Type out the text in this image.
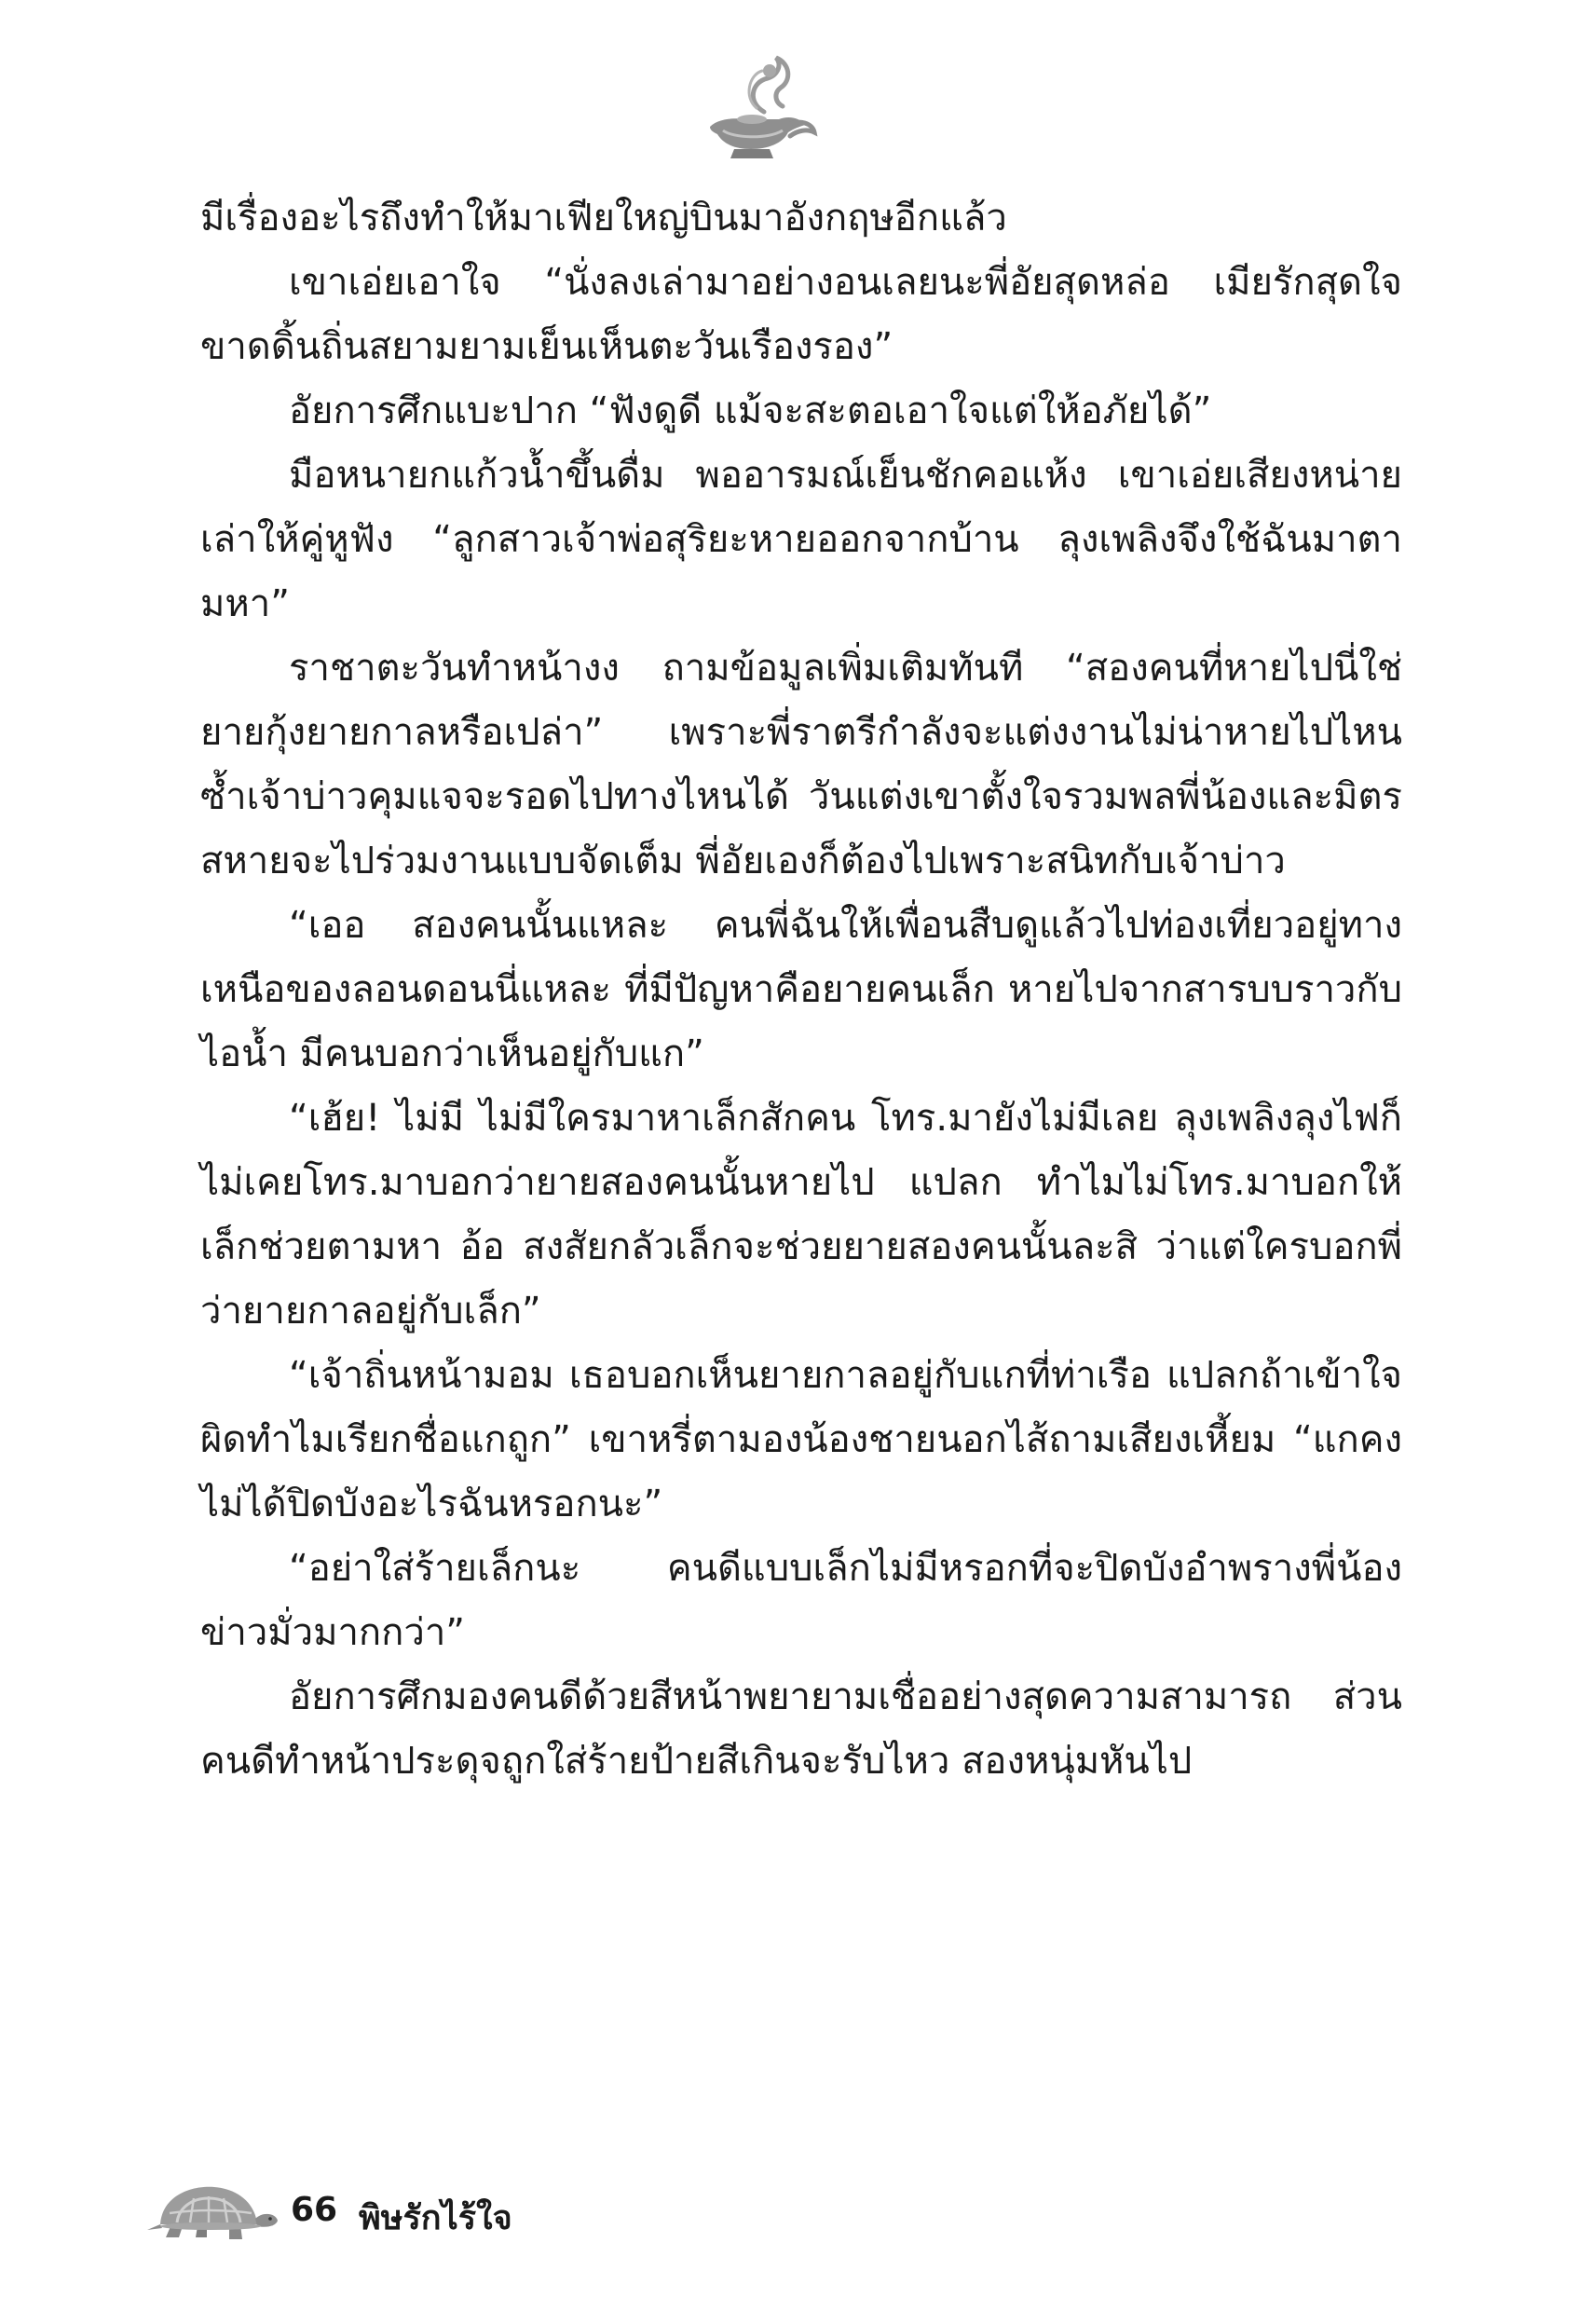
มีเรื่องอะไรถึงทำให้มาเฟียใหญ่บินมาอังกฤษอีกแล้ว

เขาเอ่ยเอาใจ “นั่งลงเล่ามาอย่างอนเลยนะพี่อัยสุดหล่อ เมียรักสุดใจขาดดิ้นถิ่นสยามยามเย็นเห็นตะวันเรืองรอง”

อัยการศึกแบะปาก “ฟังดูดี แม้จะสะตอเอาใจแต่ให้อภัยได้”

มือหนายกแก้วน้ำขึ้นดื่ม พออารมณ์เย็นชักคอแห้ง เขาเอ่ยเสียงหน่ายเล่าให้คู่หูฟัง “ลูกสาวเจ้าพ่อสุริยะหายออกจากบ้าน ลุงเพลิงจึงใช้ฉันมาตามหา”

ราชาตะวันทำหน้างง ถามข้อมูลเพิ่มเติมทันที “สองคนที่หายไปนี่ใช่ยายกุ้งยายกาลหรือเปล่า” เพราะพี่ราตรีกำลังจะแต่งงานไม่น่าหายไปไหน ซ้ำเจ้าบ่าวคุมแจจะรอดไปทางไหนได้ วันแต่งเขาตั้งใจรวมพลพี่น้องและมิตรสหายจะไปร่วมงานแบบจัดเต็ม พี่อัยเองก็ต้องไปเพราะสนิทกับเจ้าบ่าว

“เออ สองคนนั้นแหละ คนพี่ฉันให้เพื่อนสืบดูแล้วไปท่องเที่ยวอยู่ทางเหนือของลอนดอนนี่แหละ ที่มีปัญหาคือยายคนเล็ก หายไปจากสารบบราวกับไอน้ำ มีคนบอกว่าเห็นอยู่กับแก”

“เฮ้ย! ไม่มี ไม่มีใครมาหาเล็กสักคน โทร.มายังไม่มีเลย ลุงเพลิงลุงไฟก็ไม่เคยโทร.มาบอกว่ายายสองคนนั้นหายไป แปลก ทำไมไม่โทร.มาบอกให้เล็กช่วยตามหา อ้อ สงสัยกลัวเล็กจะช่วยยายสองคนนั้นละสิ ว่าแต่ใครบอกพี่ว่ายายกาลอยู่กับเล็ก”

“เจ้าถิ่นหน้ามอม เธอบอกเห็นยายกาลอยู่กับแกที่ท่าเรือ แปลกถ้าเข้าใจผิดทำไมเรียกชื่อแกถูก” เขาหรี่ตามองน้องชายนอกไส้ถามเสียงเหี้ยม “แกคงไม่ได้ปิดบังอะไรฉันหรอกนะ”

“อย่าใส่ร้ายเล็กนะ คนดีแบบเล็กไม่มีหรอกที่จะปิดบังอำพรางพี่น้อง ข่าวมั่วมากกว่า”

อัยการศึกมองคนดีด้วยสีหน้าพยายามเชื่ออย่างสุดความสามารถ ส่วนคนดีทำหน้าประดุจถูกใส่ร้ายป้ายสีเกินจะรับไหว สองหนุ่มหันไป

66 พิษรักไร้ใจ
